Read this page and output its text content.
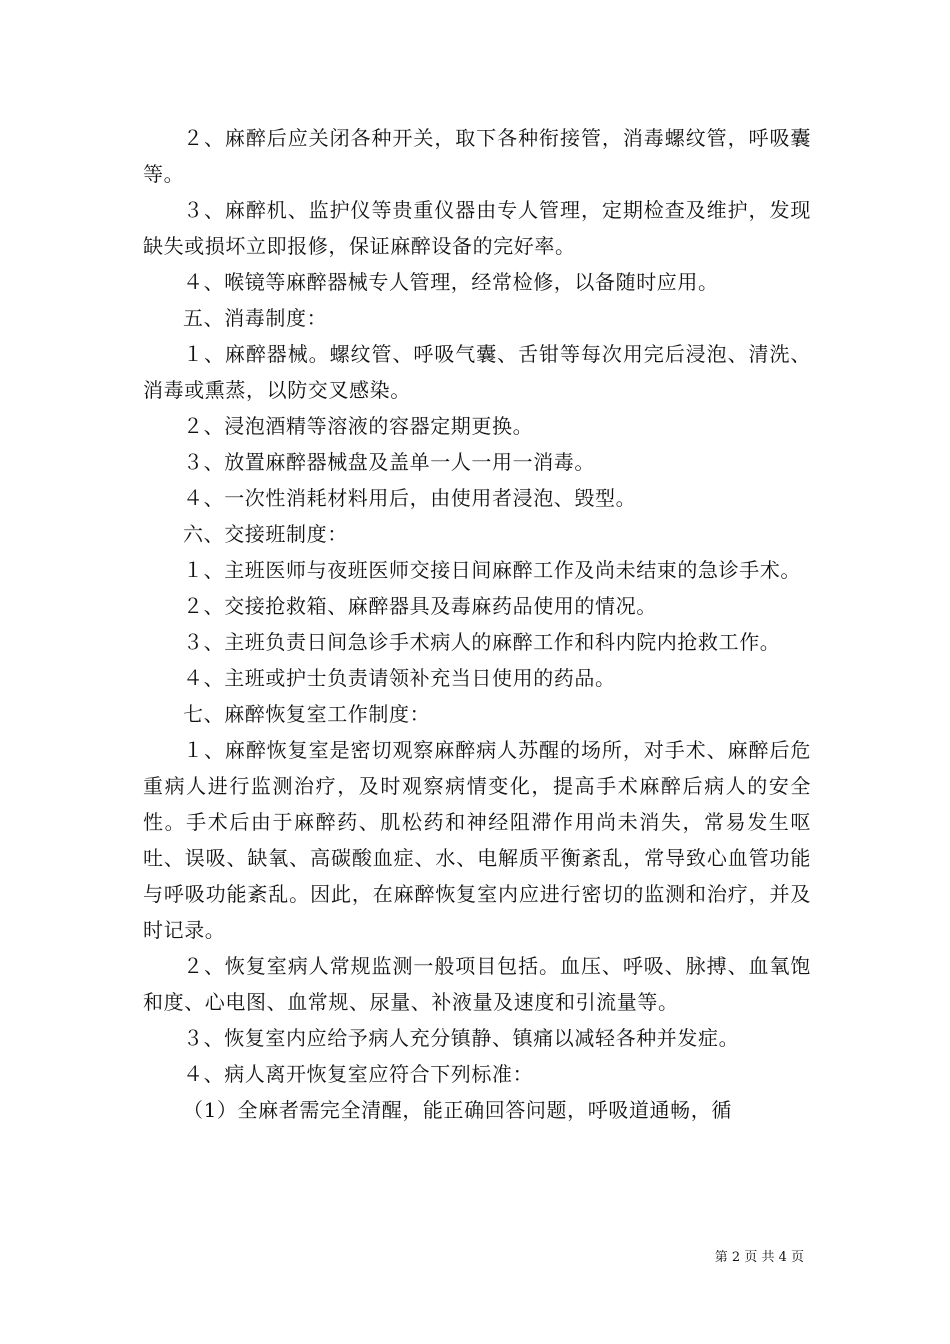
２、麻醉后应关闭各种开关，取下各种衔接管，消毒螺纹管，呼吸囊等。

３、麻醉机、监护仪等贵重仪器由专人管理，定期检查及维护，发现缺失或损坏立即报修，保证麻醉设备的完好率。

４、喉镜等麻醉器械专人管理，经常检修，以备随时应用。

五、消毒制度：

１、麻醉器械。螺纹管、呼吸气囊、舌钳等每次用完后浸泡、清洗、消毒或熏蒸，以防交叉感染。

２、浸泡酒精等溶液的容器定期更换。

３、放置麻醉器械盘及盖单一人一用一消毒。

４、一次性消耗材料用后，由使用者浸泡、毁型。

六、交接班制度：

１、主班医师与夜班医师交接日间麻醉工作及尚未结束的急诊手术。

２、交接抢救箱、麻醉器具及毒麻药品使用的情况。

３、主班负责日间急诊手术病人的麻醉工作和科内院内抢救工作。

４、主班或护士负责请领补充当日使用的药品。

七、麻醉恢复室工作制度：

１、麻醉恢复室是密切观察麻醉病人苏醒的场所，对手术、麻醉后危重病人进行监测治疗，及时观察病情变化，提高手术麻醉后病人的安全性。手术后由于麻醉药、肌松药和神经阻滞作用尚未消失，常易发生呕吐、误吸、缺氧、高碳酸血症、水、电解质平衡紊乱，常导致心血管功能与呼吸功能紊乱。因此，在麻醉恢复室内应进行密切的监测和治疗，并及时记录。

２、恢复室病人常规监测一般项目包括。血压、呼吸、脉搏、血氧饱和度、心电图、血常规、尿量、补液量及速度和引流量等。

３、恢复室内应给予病人充分镇静、镇痛以减轻各种并发症。

４、病人离开恢复室应符合下列标准：

（1）全麻者需完全清醒，能正确回答问题，呼吸道通畅，循

第 2 页 共 4 页
